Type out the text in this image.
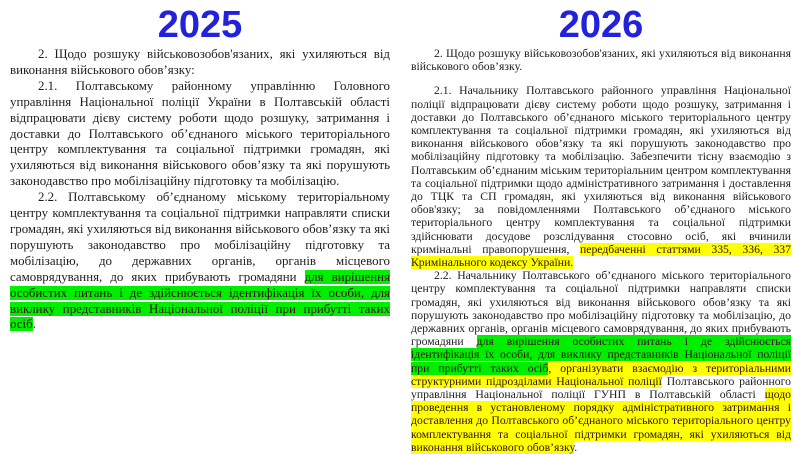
2025

2. Щодо розшуку військовозобов'язаних, які ухиляються від виконання військового обов’язку:

2.1. Полтавському районному управлінню Головного управління Національної поліції України в Полтавській області відпрацювати дієву систему роботи щодо розшуку, затримання і доставки до Полтавського об’єднаного міського територіального центру комплектування та соціальної підтримки громадян, які ухиляються від виконання військового обов’язку та які порушують законодавство про мобілізаційну підготовку та мобілізацію.

2.2. Полтавському об’єднаному міському територіальному центру комплектування та соціальної підтримки направляти списки громадян, які ухиляються від виконання військового обов’язку та які порушують законодавство про мобілізаційну підготовку та мобілізацію, до державних органів, органів місцевого самоврядування, до яких прибувають громадяни для вирішення особистих питань і де здійснюється ідентифікація їх особи, для виклику представників Національної поліції при прибутті таких осіб.

2026

2. Щодо розшуку військовозобов'язаних, які ухиляються від виконання військового обов’язку.

2.1. Начальнику Полтавського районного управління Національної поліції відпрацювати дієву систему роботи щодо розшуку, затримання і доставки до Полтавського об’єднаного міського територіального центру комплектування та соціальної підтримки громадян, які ухиляються від виконання військового обов’язку та які порушують законодавство про мобілізаційну підготовку та мобілізацію. Забезпечити тісну взаємодію з Полтавським об’єднаним міським територіальним центром комплектування та соціальної підтримки щодо адміністративного затримання і доставлення до ТЦК та СП громадян, які ухиляються від виконання військового обов'язку; за повідомленнями Полтавського об’єднаного міського територіального центру комплектування та соціальної підтримки здійснювати досудове розслідування стосовно осіб, які вчинили кримінальні правопорушення, передбаченні статтями 335, 336, 337 Кримінального кодексу України.

2.2. Начальнику Полтавського об’єднаного міського територіального центру комплектування та соціальної підтримки направляти списки громадян, які ухиляються від виконання військового обов’язку та які порушують законодавство про мобілізаційну підготовку та мобілізацію, до державних органів, органів місцевого самоврядування, до яких прибувають громадяни для вирішення особистих питань і де здійснюється ідентифікація їх особи, для виклику представників Національної поліції при прибутті таких осіб, організувати взаємодію з територіальними структурними підрозділами Національної поліції Полтавського районного управління Національної поліції ГУНП в Полтавській області щодо проведення в установленому порядку адміністративного затримання і доставлення до Полтавського об’єднаного міського територіального центру комплектування та соціальної підтримки громадян, які ухиляються від виконання військового обов’язку.
